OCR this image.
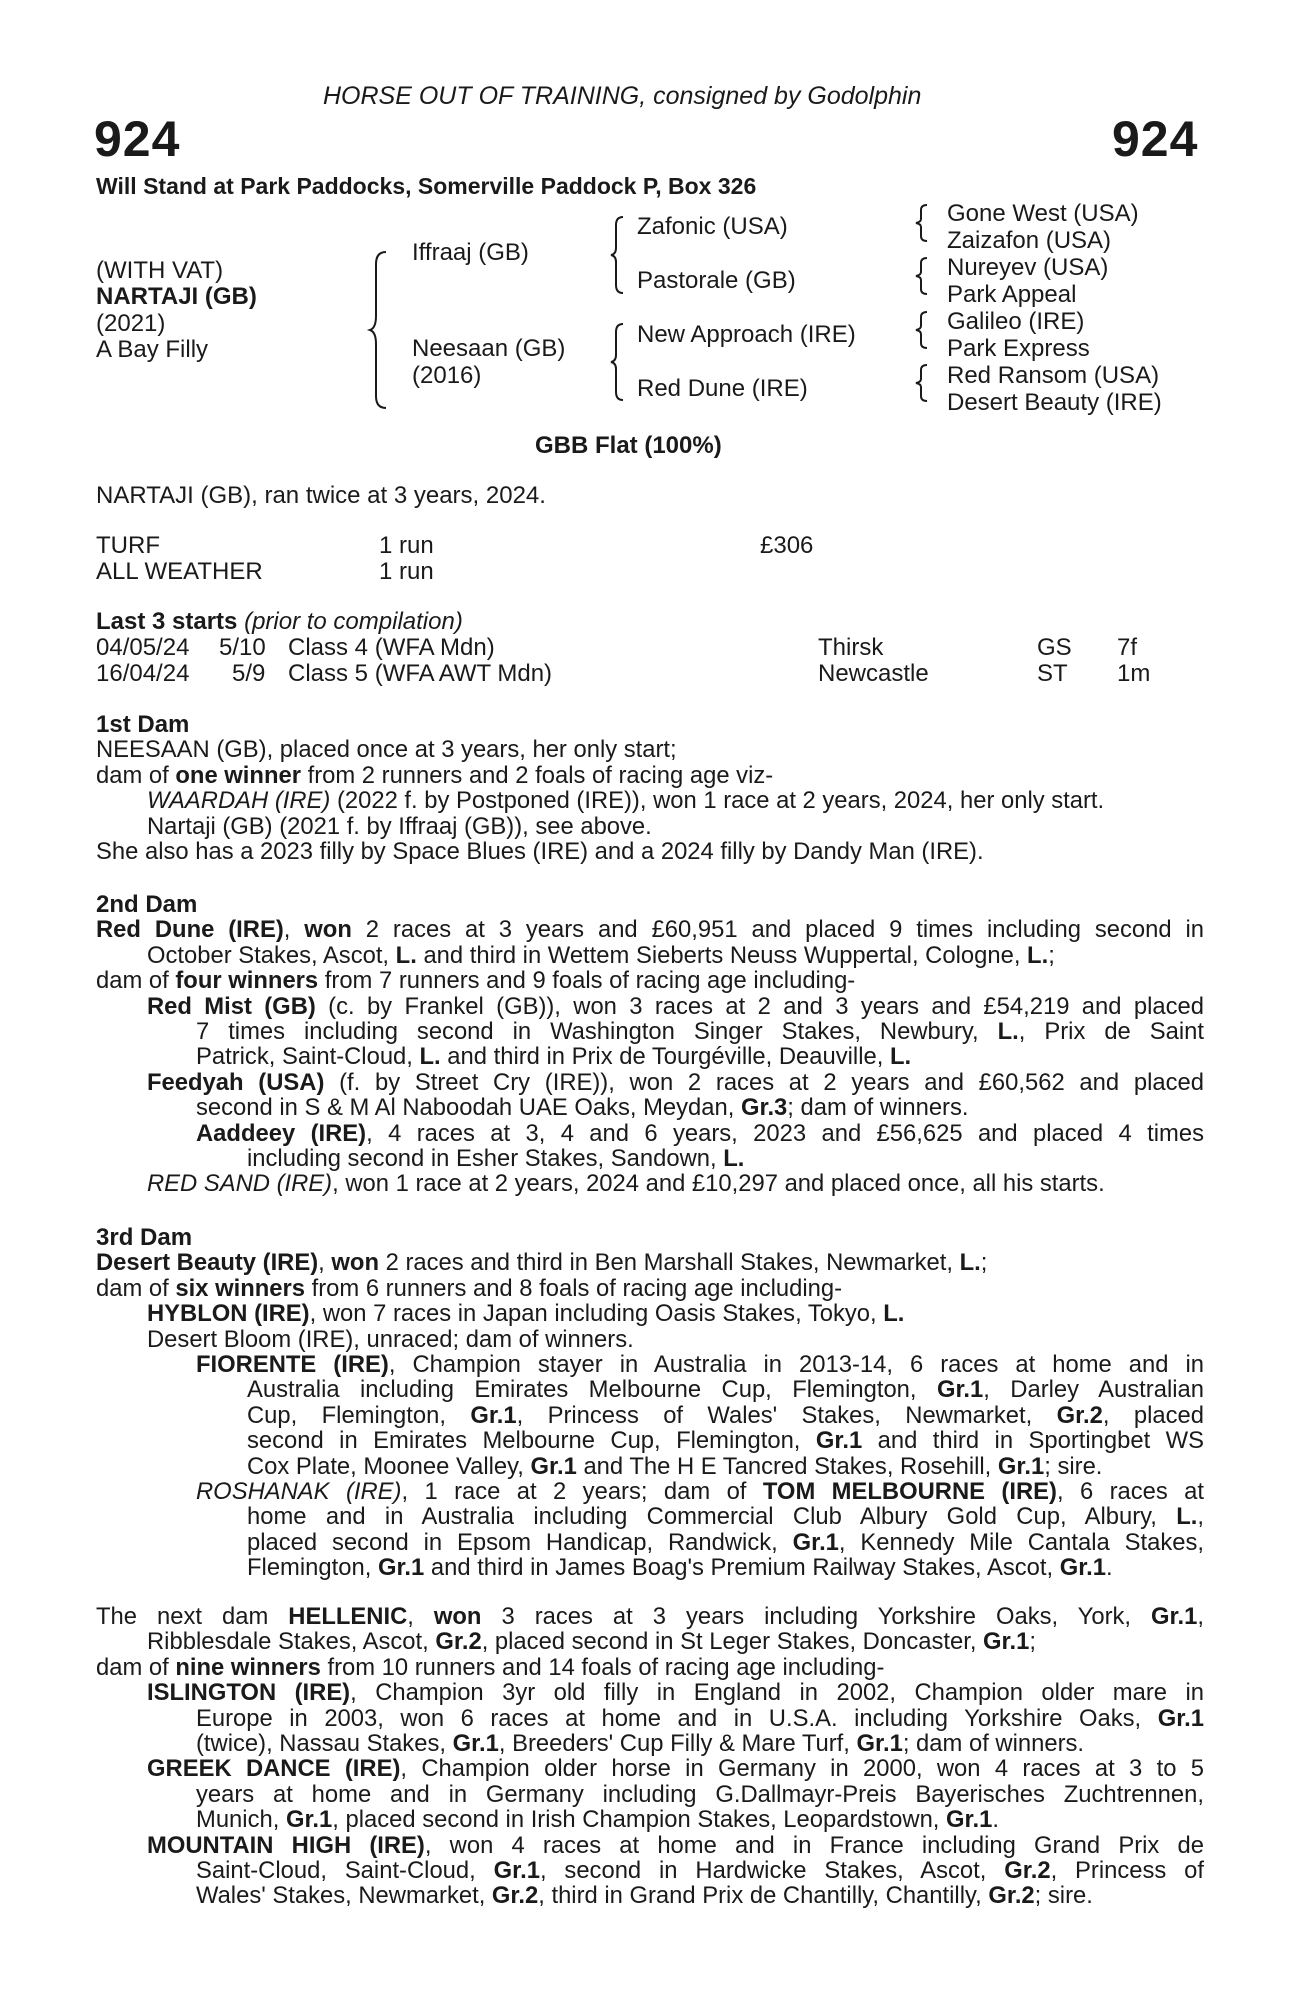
HORSE OUT OF TRAINING, consigned by Godolphin
924	924
Will Stand at Park Paddocks, Somerville Paddock P, Box 326
(WITH VAT)
NARTAJI (GB)
(2021)
A Bay Filly
Iffraaj (GB)
Neesaan (GB)
(2016)
Zafonic (USA)
Pastorale (GB)
New Approach (IRE)
Red Dune (IRE)
Gone West (USA)
Zaizafon (USA)
Nureyev (USA)
Park Appeal
Galileo (IRE)
Park Express
Red Ransom (USA)
Desert Beauty (IRE)
GBB Flat (100%)
NARTAJI (GB), ran twice at 3 years, 2024.
TURF	1 run	£306
ALL WEATHER	1 run
Last 3 starts (prior to compilation)
04/05/24 5/10 Class 4 (WFA Mdn)	Thirsk	GS 7f
16/04/24 5/9 Class 5 (WFA AWT Mdn)	Newcastle	ST 1m
1st Dam
NEESAAN (GB), placed once at 3 years, her only start;
dam of one winner from 2 runners and 2 foals of racing age viz-
WAARDAH (IRE) (2022 f. by Postponed (IRE)), won 1 race at 2 years, 2024, her only start.
Nartaji (GB) (2021 f. by Iffraaj (GB)), see above.
She also has a 2023 filly by Space Blues (IRE) and a 2024 filly by Dandy Man (IRE).
2nd Dam
Red Dune (IRE), won 2 races at 3 years and £60,951 and placed 9 times including second in
October Stakes, Ascot, L. and third in Wettem Sieberts Neuss Wuppertal, Cologne, L.;
dam of four winners from 7 runners and 9 foals of racing age including-
Red Mist (GB) (c. by Frankel (GB)), won 3 races at 2 and 3 years and £54,219 and placed
7 times including second in Washington Singer Stakes, Newbury, L., Prix de Saint
Patrick, Saint-Cloud, L. and third in Prix de Tourgéville, Deauville, L.
Feedyah (USA) (f. by Street Cry (IRE)), won 2 races at 2 years and £60,562 and placed
second in S & M Al Naboodah UAE Oaks, Meydan, Gr.3; dam of winners.
Aaddeey (IRE), 4 races at 3, 4 and 6 years, 2023 and £56,625 and placed 4 times
including second in Esher Stakes, Sandown, L.
RED SAND (IRE), won 1 race at 2 years, 2024 and £10,297 and placed once, all his starts.
3rd Dam
Desert Beauty (IRE), won 2 races and third in Ben Marshall Stakes, Newmarket, L.;
dam of six winners from 6 runners and 8 foals of racing age including-
HYBLON (IRE), won 7 races in Japan including Oasis Stakes, Tokyo, L.
Desert Bloom (IRE), unraced; dam of winners.
FIORENTE (IRE), Champion stayer in Australia in 2013-14, 6 races at home and in
Australia including Emirates Melbourne Cup, Flemington, Gr.1, Darley Australian
Cup, Flemington, Gr.1, Princess of Wales' Stakes, Newmarket, Gr.2, placed
second in Emirates Melbourne Cup, Flemington, Gr.1 and third in Sportingbet WS
Cox Plate, Moonee Valley, Gr.1 and The H E Tancred Stakes, Rosehill, Gr.1; sire.
ROSHANAK (IRE), 1 race at 2 years; dam of TOM MELBOURNE (IRE), 6 races at
home and in Australia including Commercial Club Albury Gold Cup, Albury, L.,
placed second in Epsom Handicap, Randwick, Gr.1, Kennedy Mile Cantala Stakes,
Flemington, Gr.1 and third in James Boag's Premium Railway Stakes, Ascot, Gr.1.
The next dam HELLENIC, won 3 races at 3 years including Yorkshire Oaks, York, Gr.1,
Ribblesdale Stakes, Ascot, Gr.2, placed second in St Leger Stakes, Doncaster, Gr.1;
dam of nine winners from 10 runners and 14 foals of racing age including-
ISLINGTON (IRE), Champion 3yr old filly in England in 2002, Champion older mare in
Europe in 2003, won 6 races at home and in U.S.A. including Yorkshire Oaks, Gr.1
(twice), Nassau Stakes, Gr.1, Breeders' Cup Filly & Mare Turf, Gr.1; dam of winners.
GREEK DANCE (IRE), Champion older horse in Germany in 2000, won 4 races at 3 to 5
years at home and in Germany including G.Dallmayr-Preis Bayerisches Zuchtrennen,
Munich, Gr.1, placed second in Irish Champion Stakes, Leopardstown, Gr.1.
MOUNTAIN HIGH (IRE), won 4 races at home and in France including Grand Prix de
Saint-Cloud, Saint-Cloud, Gr.1, second in Hardwicke Stakes, Ascot, Gr.2, Princess of
Wales' Stakes, Newmarket, Gr.2, third in Grand Prix de Chantilly, Chantilly, Gr.2; sire.
